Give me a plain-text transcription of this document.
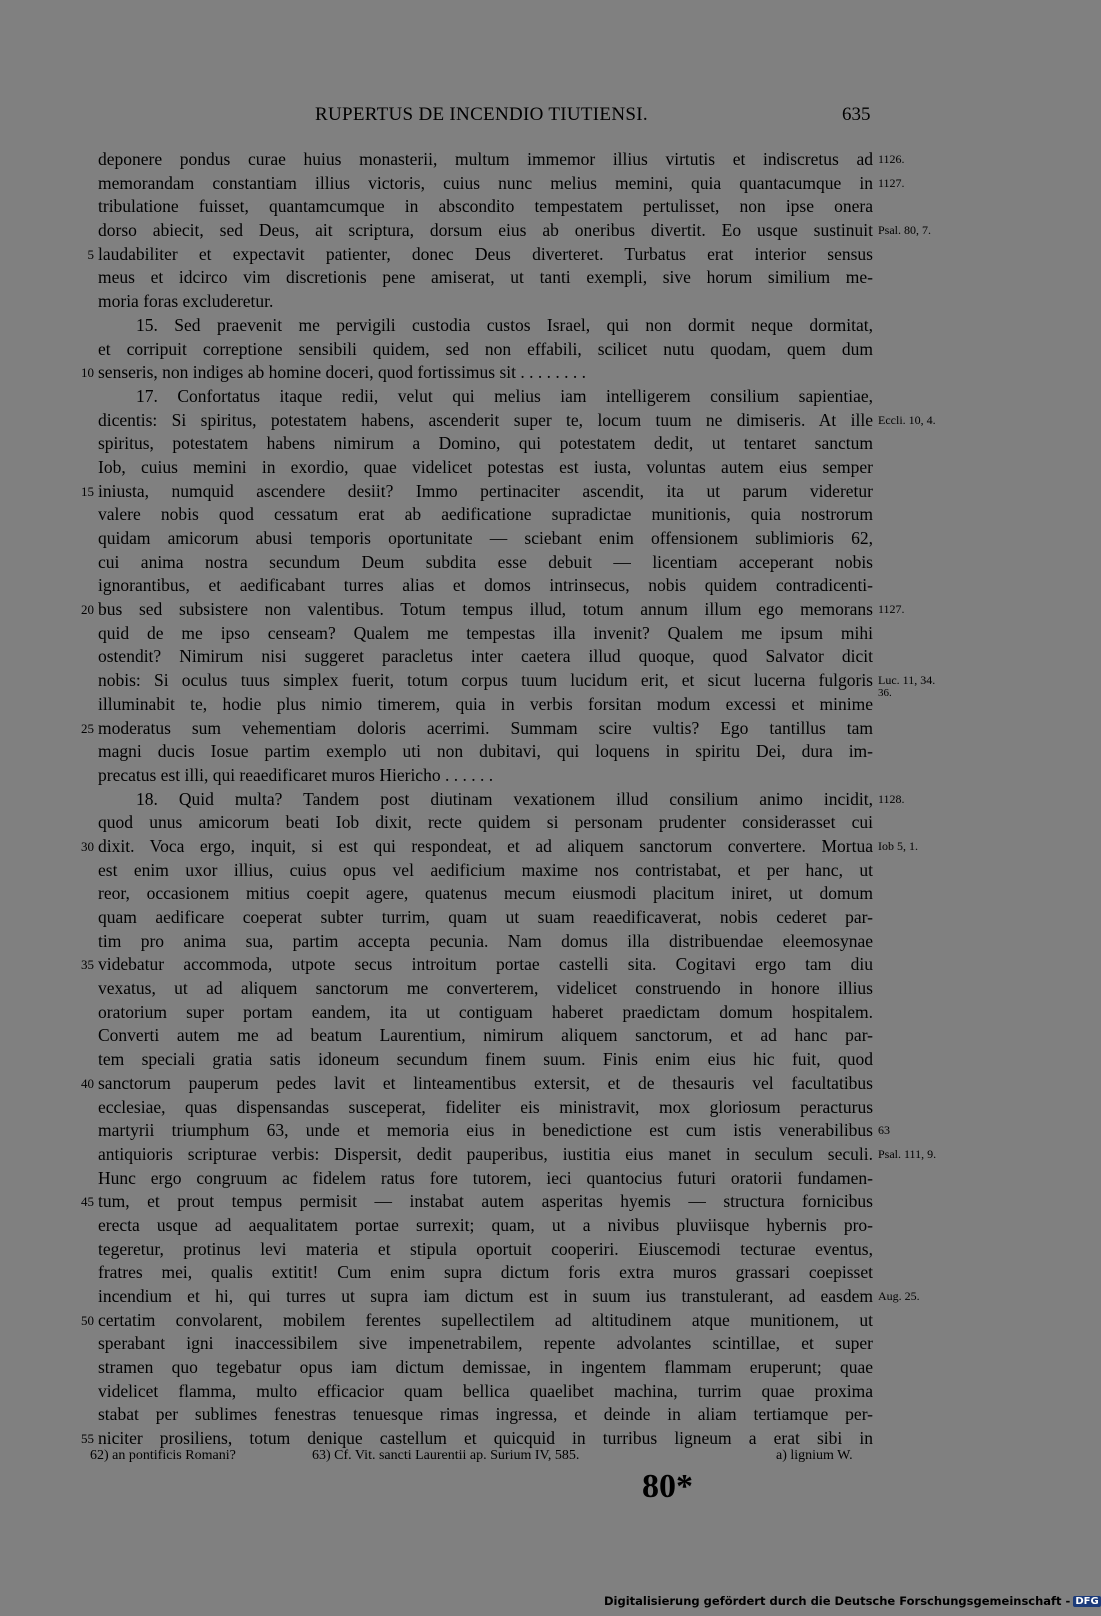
RUPERTUS DE INCENDIO TIUTIENSI.	635
deponere pondus curae huius monasterii, multum immemor illius virtutis et indiscretus ad 1126.
memorandam constantiam illius victoris, cuius nunc melius memini, quia quantacumque in 1127.
tribulatione fuisset, quantamcumque in abscondito tempestatem pertulisset, non ipse onera
dorso abiecit, sed Deus, ait scriptura, dorsum eius ab oneribus divertit. Eo usque sustinuit Psal. 80, 7.
5 laudabiliter et expectavit patienter, donec Deus diverteret. Turbatus erat interior sensus
meus et idcirco vim discretionis pene amiserat, ut tanti exempli, sive horum similium me-
moria foras excluderetur.
15. Sed praevenit me pervigili custodia custos Israel, qui non dormit neque dormitat,
et corripuit correptione sensibili quidem, sed non effabili, scilicet nutu quodam, quem dum
10 senseris, non indiges ab homine doceri, quod fortissimus sit . . . . . . . .
17. Confortatus itaque redii, velut qui melius iam intelligerem consilium sapientiae,
dicentis: Si spiritus, potestatem habens, ascenderit super te, locum tuum ne dimiseris. At ille Eccli. 10, 4.
spiritus, potestatem habens nimirum a Domino, qui potestatem dedit, ut tentaret sanctum
Iob, cuius memini in exordio, quae videlicet potestas est iusta, voluntas autem eius semper
15 iniusta, numquid ascendere desiit? Immo pertinaciter ascendit, ita ut parum videretur
valere nobis quod cessatum erat ab aedificatione supradictae munitionis, quia nostrorum
quidam amicorum abusi temporis oportunitate — sciebant enim offensionem sublimioris 62,
cui anima nostra secundum Deum subdita esse debuit — licentiam acceperant nobis
ignorantibus, et aedificabant turres alias et domos intrinsecus, nobis quidem contradicenti-
20 bus sed subsistere non valentibus. Totum tempus illud, totum annum illum ego memorans 1127.
quid de me ipso censeam? Qualem me tempestas illa invenit? Qualem me ipsum mihi
ostendit? Nimirum nisi suggeret paracletus inter caetera illud quoque, quod Salvator dicit
nobis: Si oculus tuus simplex fuerit, totum corpus tuum lucidum erit, et sicut lucerna fulgoris Luc. 11, 34.
36.
illuminabit te, hodie plus nimio timerem, quia in verbis forsitan modum excessi et minime
25 moderatus sum vehementiam doloris acerrimi. Summam scire vultis? Ego tantillus tam
magni ducis Iosue partim exemplo uti non dubitavi, qui loquens in spiritu Dei, dura im-
precatus est illi, qui reaedificaret muros Hiericho . . . . . .
18. Quid multa? Tandem post diutinam vexationem illud consilium animo incidit, 1128.
quod unus amicorum beati Iob dixit, recte quidem si personam prudenter considerasset cui
30 dixit. Voca ergo, inquit, si est qui respondeat, et ad aliquem sanctorum convertere. Mortua Iob 5, 1.
est enim uxor illius, cuius opus vel aedificium maxime nos contristabat, et per hanc, ut
reor, occasionem mitius coepit agere, quatenus mecum eiusmodi placitum iniret, ut domum
quam aedificare coeperat subter turrim, quam ut suam reaedificaverat, nobis cederet par-
tim pro anima sua, partim accepta pecunia. Nam domus illa distribuendae eleemosynae
35 videbatur accommoda, utpote secus introitum portae castelli sita. Cogitavi ergo tam diu
vexatus, ut ad aliquem sanctorum me converterem, videlicet construendo in honore illius
oratorium super portam eandem, ita ut contiguam haberet praedictam domum hospitalem.
Converti autem me ad beatum Laurentium, nimirum aliquem sanctorum, et ad hanc par-
tem speciali gratia satis idoneum secundum finem suum. Finis enim eius hic fuit, quod
40 sanctorum pauperum pedes lavit et linteamentibus extersit, et de thesauris vel facultatibus
ecclesiae, quas dispensandas susceperat, fideliter eis ministravit, mox gloriosum peracturus
martyrii triumphum 63, unde et memoria eius in benedictione est cum istis venerabilibus 63
antiquioris scripturae verbis: Dispersit, dedit pauperibus, iustitia eius manet in seculum seculi. Psal. 111, 9.
Hunc ergo congruum ac fidelem ratus fore tutorem, ieci quantocius futuri oratorii fundamen-
45 tum, et prout tempus permisit — instabat autem asperitas hyemis — structura fornicibus
erecta usque ad aequalitatem portae surrexit; quam, ut a nivibus pluviisque hybernis pro-
tegeretur, protinus levi materia et stipula oportuit cooperiri. Eiuscemodi tecturae eventus,
fratres mei, qualis extitit! Cum enim supra dictum foris extra muros grassari coepisset
incendium et hi, qui turres ut supra iam dictum est in suum ius transtulerant, ad easdem Aug. 25.
50 certatim convolarent, mobilem ferentes supellectilem ad altitudinem atque munitionem, ut
sperabant igni inaccessibilem sive impenetrabilem, repente advolantes scintillae, et super
stramen quo tegebatur opus iam dictum demissae, in ingentem flammam eruperunt; quae
videlicet flamma, multo efficacior quam bellica quaelibet machina, turrim quae proxima
stabat per sublimes fenestras tenuesque rimas ingressa, et deinde in aliam tertiamque per-
55 niciter prosiliens, totum denique castellum et quicquid in turribus ligneum a erat sibi in
62) an pontificis Romani?	63) Cf. Vit. sancti Laurentii ap. Surium IV, 585.	a) lignium W.
80*
Digitalisierung gefördert durch die Deutsche Forschungsgemeinschaft - DFG
